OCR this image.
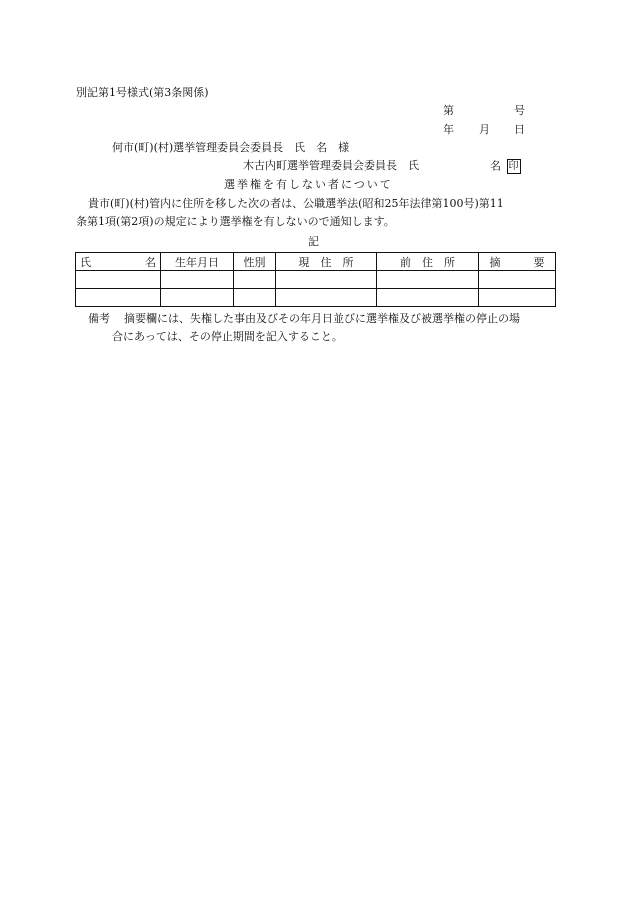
別記第1号様式(第3条関係)
第	号
年 月 日
何市(町)(村)選挙管理委員会委員長　氏　名　様
木古内町選挙管理委員会委員長　氏	名 印
選挙権を有しない者について
貴市(町)(村)管内に住所を移した次の者は、公職選挙法(昭和25年法律第100号)第11
条第1項(第2項)の規定により選挙権を有しないので通知します。
記
氏 名	生年月日	性別	現　住　所	前　住　所	摘　　　要

備考 摘要欄には、失権した事由及びその年月日並びに選挙権及び被選挙権の停止の場
合にあっては、その停止期間を記入すること。
